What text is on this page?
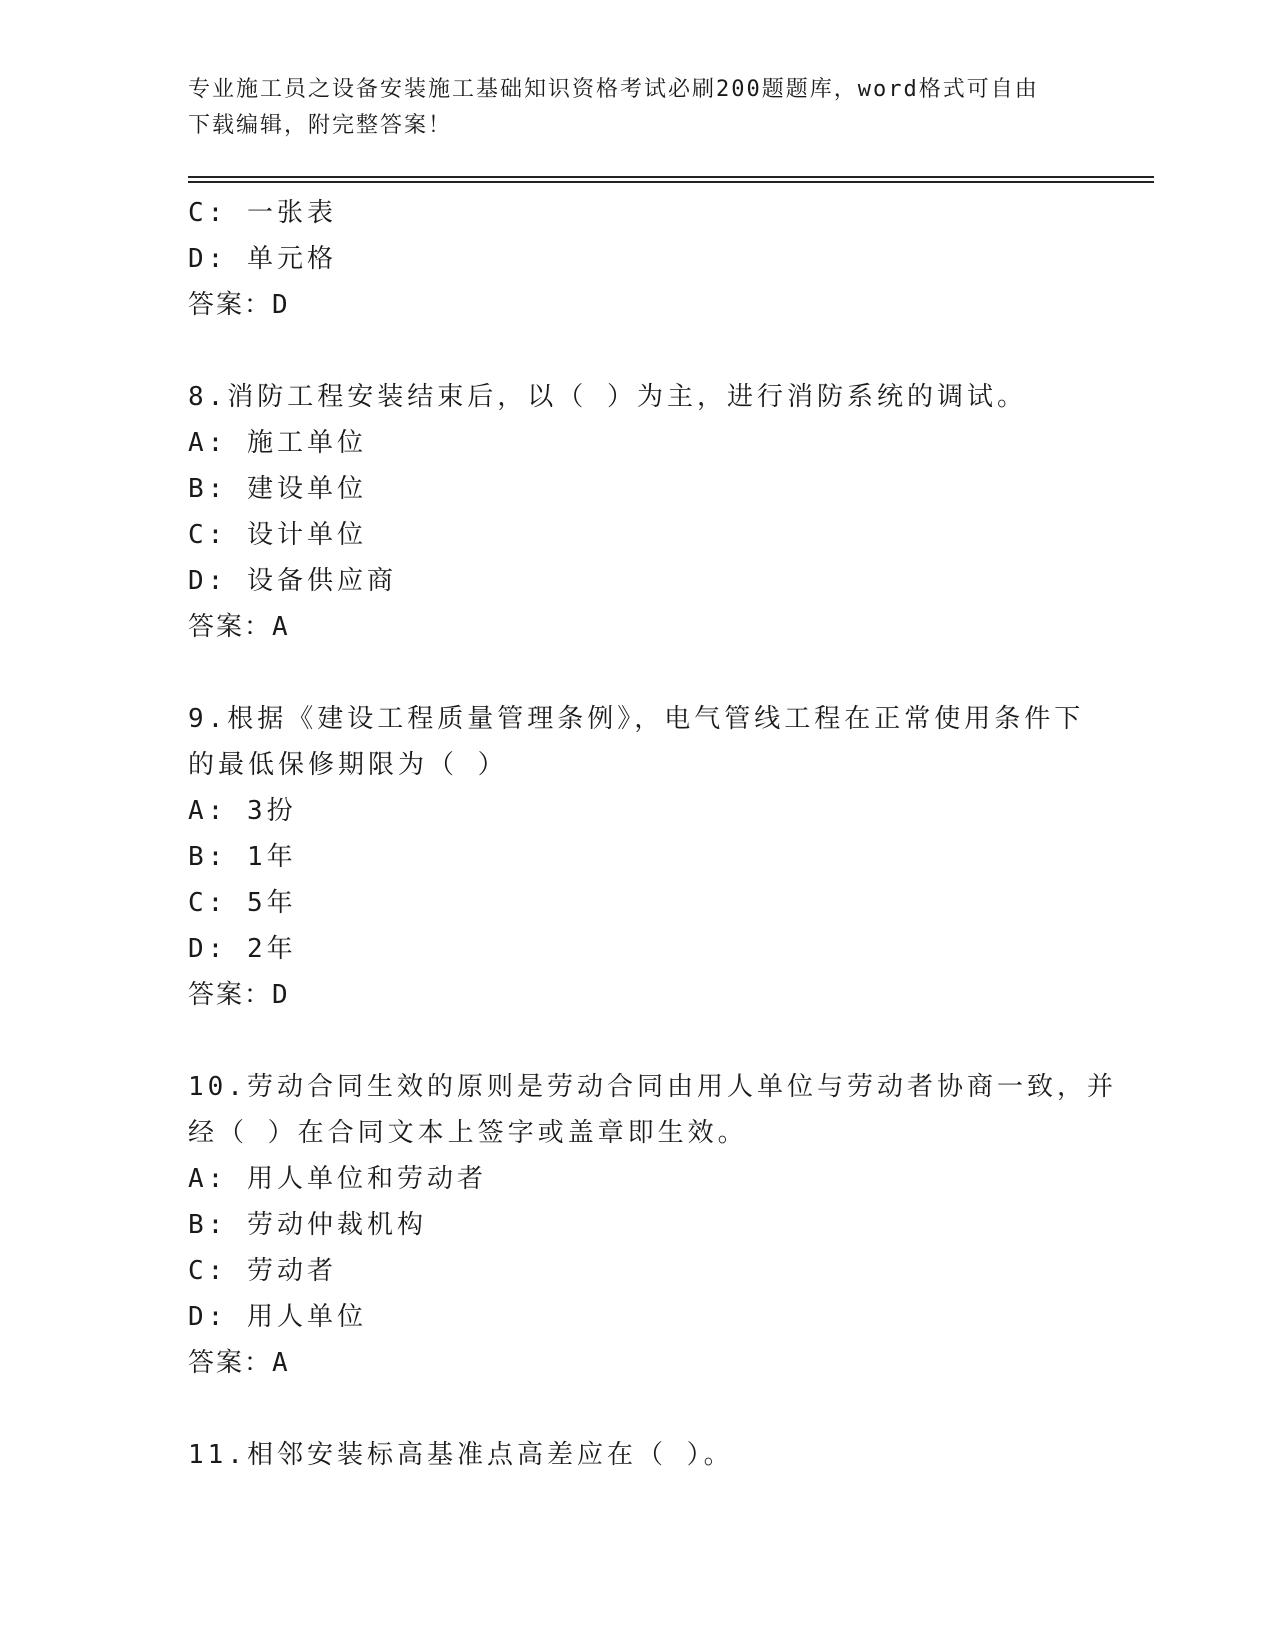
专业施工员之设备安装施工基础知识资格考试必刷200题题库，word格式可自由
下载编辑，附完整答案！
C: 一张表
D: 单元格
答案：D
8.消防工程安装结束后，以（ ）为主，进行消防系统的调试。
A: 施工单位
B: 建设单位
C: 设计单位
D: 设备供应商
答案：A
9.根据《建设工程质量管理条例》，电气管线工程在正常使用条件下
的最低保修期限为（ ）
A: 3扮
B: 1年
C: 5年
D: 2年
答案：D
10.劳动合同生效的原则是劳动合同由用人单位与劳动者协商一致，并
经（ ）在合同文本上签字或盖章即生效。
A: 用人单位和劳动者
B: 劳动仲裁机构
C: 劳动者
D: 用人单位
答案：A
11.相邻安装标高基准点高差应在（ ）。
